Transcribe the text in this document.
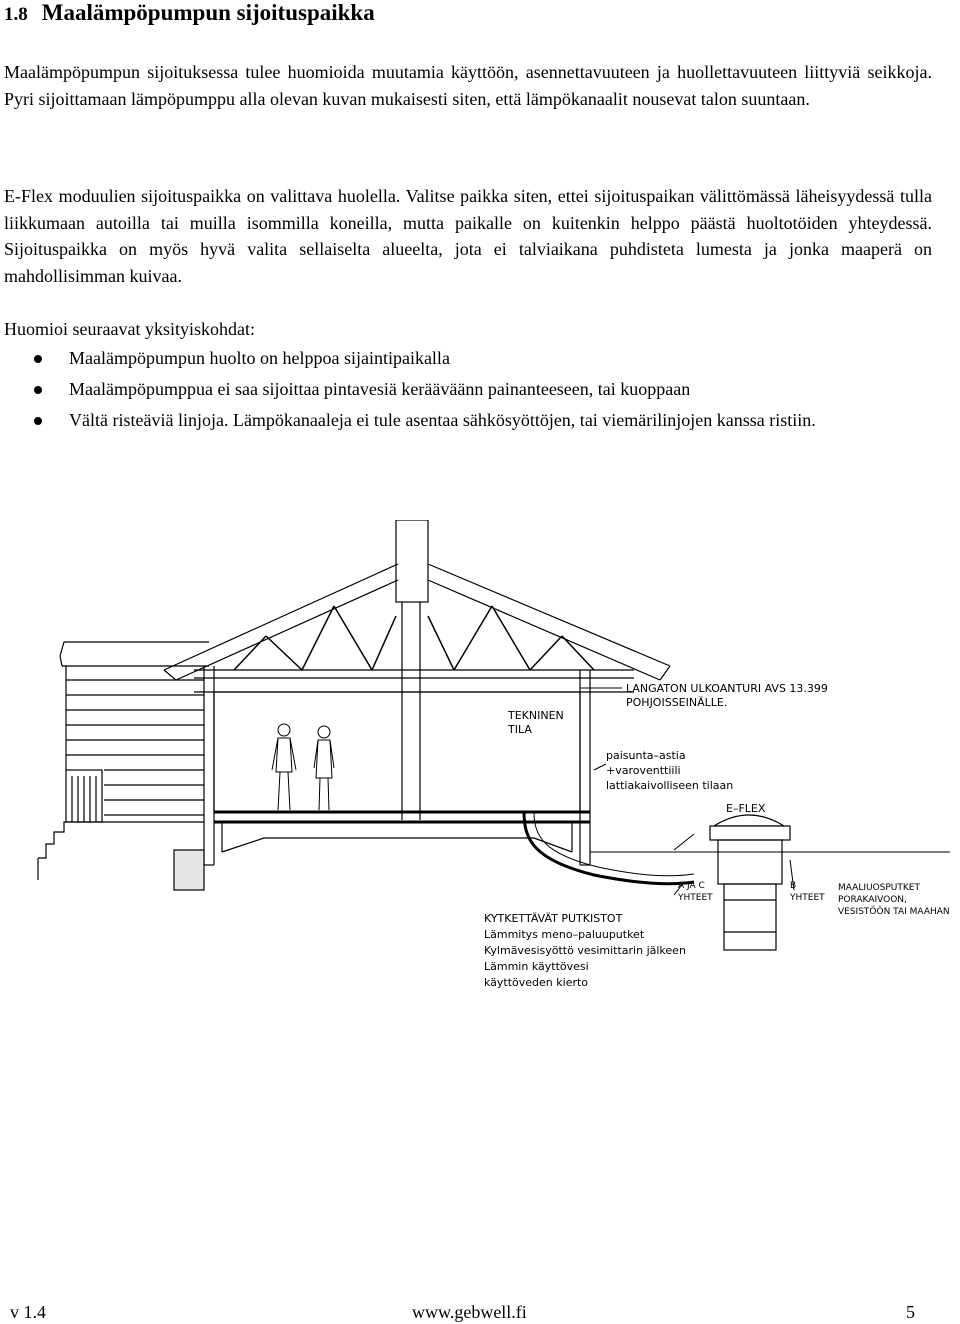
1.8 Maalämpöpumpun sijoituspaikka

Maalämpöpumpun sijoituksessa tulee huomioida muutamia käyttöön, asennettavuuteen ja huollettavuuteen liittyviä seikkoja. Pyri sijoittamaan lämpöpumppu alla olevan kuvan mukaisesti siten, että lämpökanaalit nousevat talon suuntaan.

E-Flex moduulien sijoituspaikka on valittava huolella. Valitse paikka siten, ettei sijoituspaikan välittömässä läheisyydessä tulla liikkumaan autoilla tai muilla isommilla koneilla, mutta paikalle on kuitenkin helppo päästä huoltotöiden yhteydessä. Sijoituspaikka on myös hyvä valita sellaiselta alueelta, jota ei talviaikana puhdisteta lumesta ja jonka maaperä on mahdollisimman kuivaa.

Huomioi seuraavat yksityiskohdat:

Maalämpöpumpun huolto on helppoa sijaintipaikalla
Maalämpöpumppua ei saa sijoittaa pintavesiä kerääväänn painanteeseen, tai kuoppaan
Vältä risteäviä linjoja. Lämpökanaaleja ei tule asentaa sähkösyöttöjen, tai viemärilinjojen kanssa ristiin.
LANGATON ULKOANTURI AVS 13.399
POHJOISSEINÄLLE.
TEKNINEN
TILA
paisunta–astia
+varoventtiili
lattiakaivolliseen tilaan
E–FLEX
A JA C
YHTEET
B
YHTEET
MAALIUOSPUTKET
PORAKAIVOON,
VESISTÖÖN TAI MAAHAN
KYTKETTÄVÄT PUTKISTOT
Lämmitys meno–paluuputket
Kylmävesisyöttö vesimittarin jälkeen
Lämmin käyttövesi
käyttöveden kierto
v 1.4	www.gebwell.fi	5
